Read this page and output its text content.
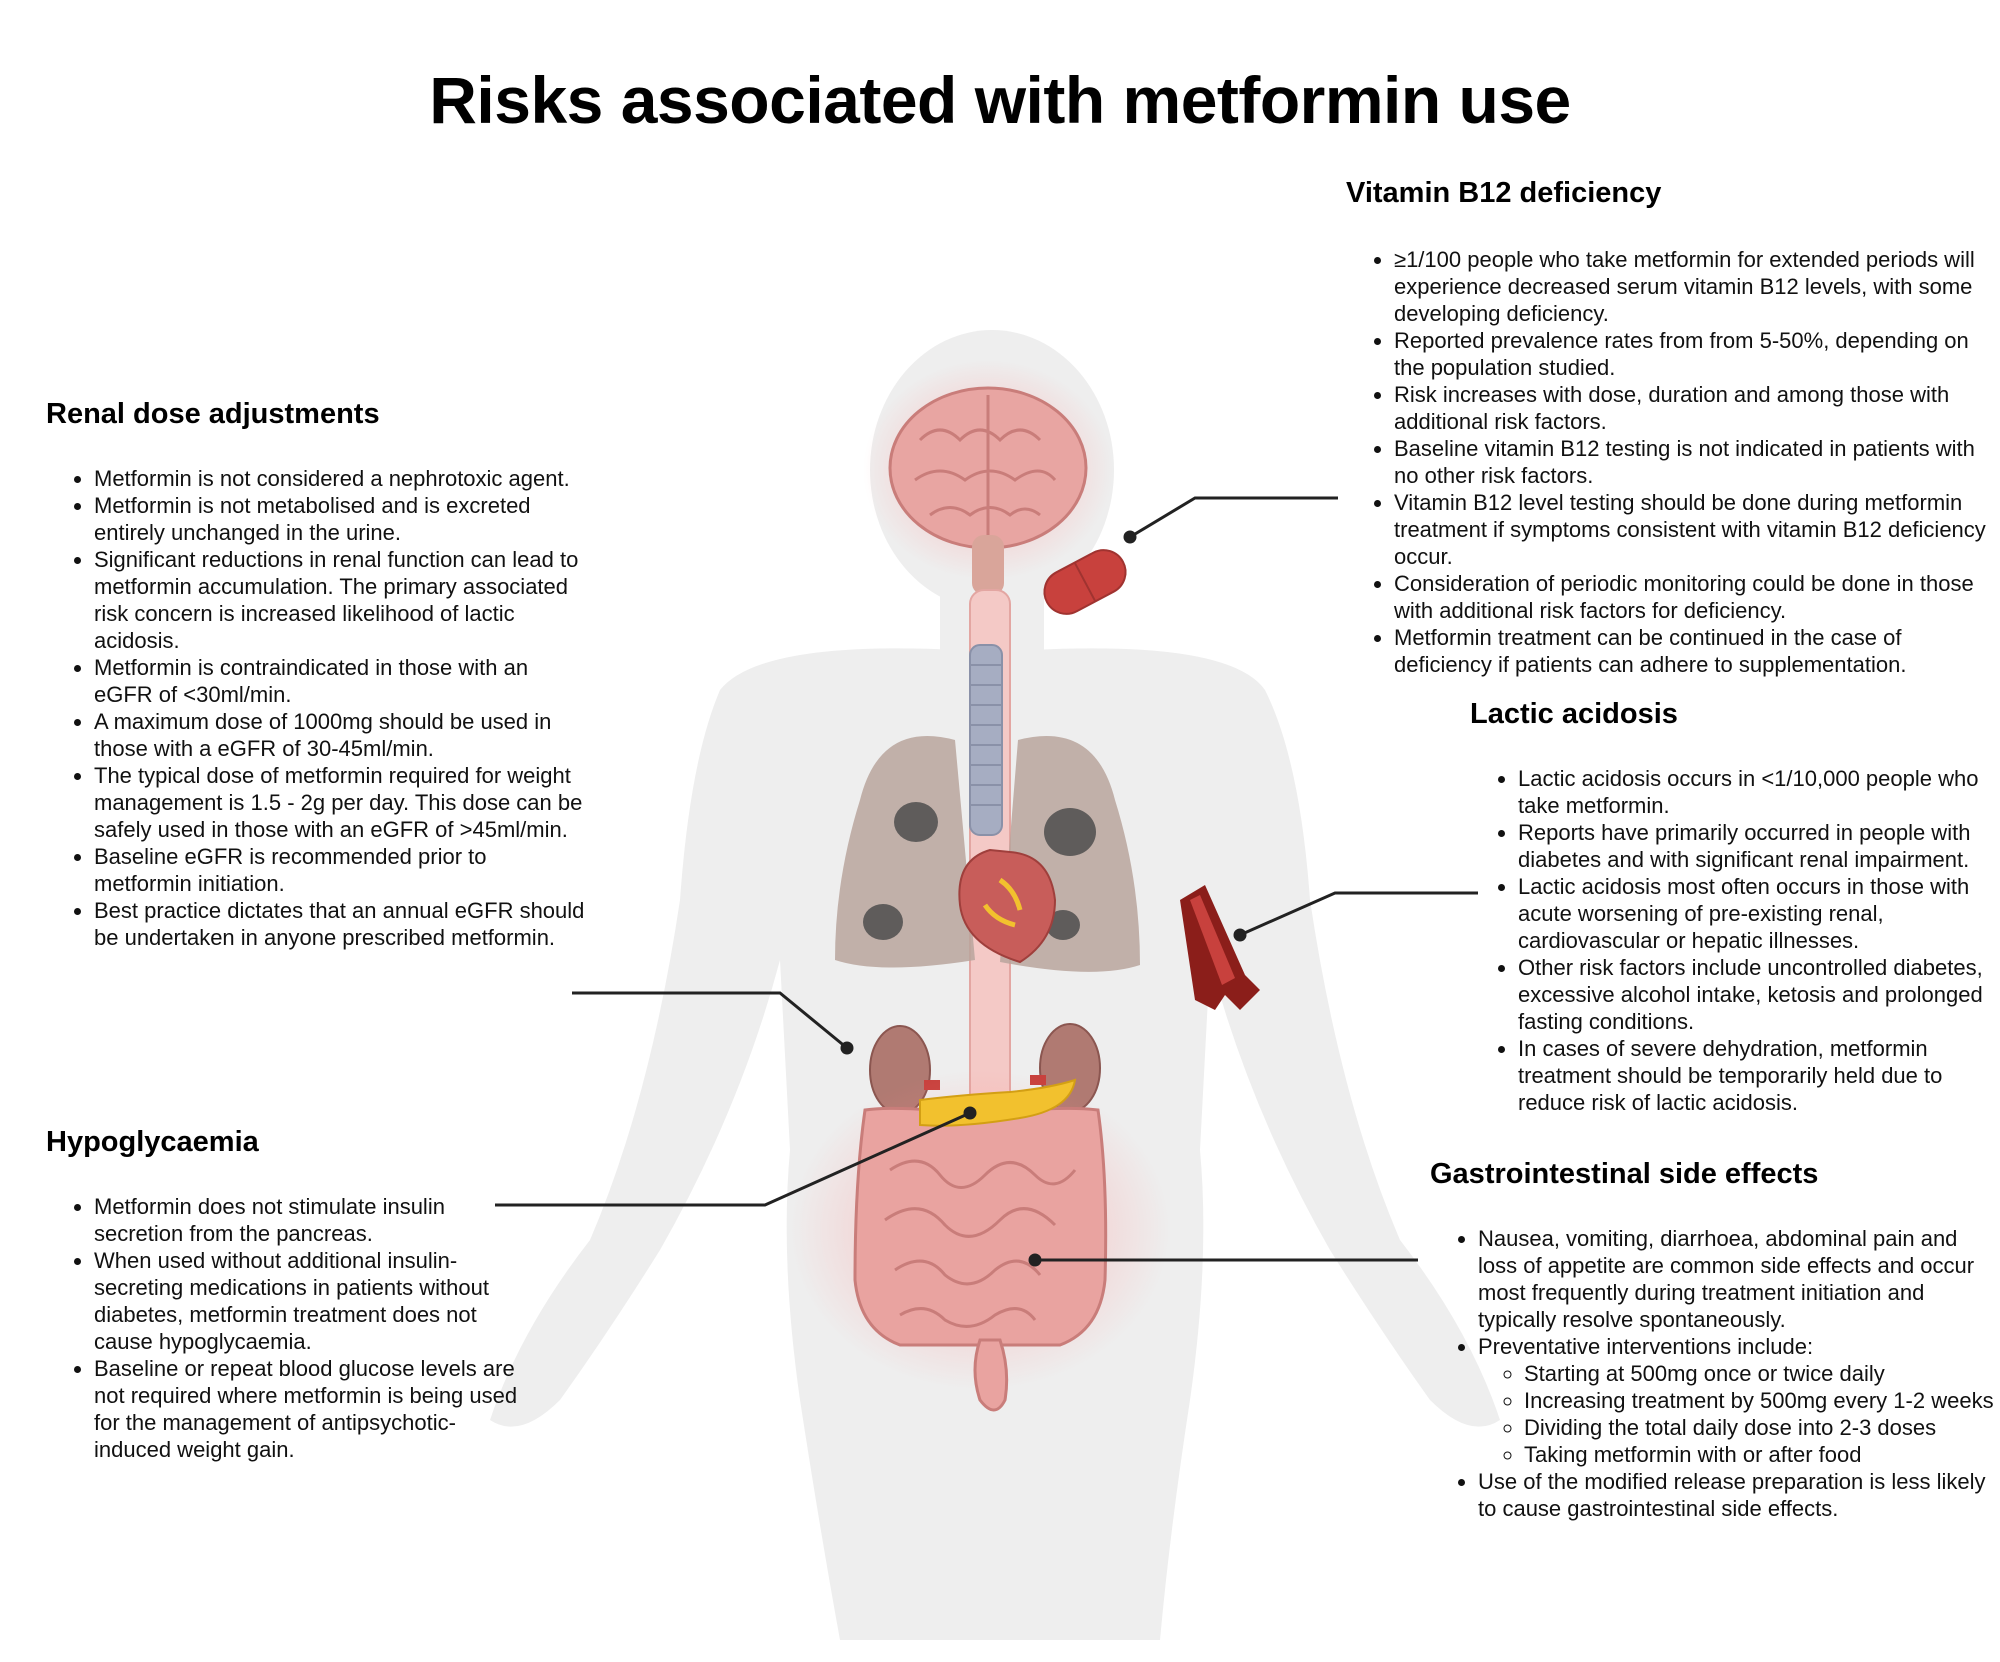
Risks associated with metformin use
Renal dose adjustments
• Metformin is not considered a nephrotoxic agent.
• Metformin is not metabolised and is excreted entirely unchanged in the urine.
• Significant reductions in renal function can lead to metformin accumulation. The primary associated risk concern is increased likelihood of lactic acidosis.
• Metformin is contraindicated in those with an eGFR of <30ml/min.
• A maximum dose of 1000mg should be used in those with a eGFR of 30-45ml/min.
• The typical dose of metformin required for weight management is 1.5 - 2g per day. This dose can be safely used in those with an eGFR of >45ml/min.
• Baseline eGFR is recommended prior to metformin initiation.
• Best practice dictates that an annual eGFR should be undertaken in anyone prescribed metformin.
Hypoglycaemia
• Metformin does not stimulate insulin secretion from the pancreas.
• When used without additional insulin-secreting medications in patients without diabetes, metformin treatment does not cause hypoglycaemia.
• Baseline or repeat blood glucose levels are not required where metformin is being used for the management of antipsychotic-induced weight gain.
Vitamin B12 deficiency
• ≥1/100 people who take metformin for extended periods will experience decreased serum vitamin B12 levels, with some developing deficiency.
• Reported prevalence rates from from 5-50%, depending on the population studied.
• Risk increases with dose, duration and among those with additional risk factors.
• Baseline vitamin B12 testing is not indicated in patients with no other risk factors.
• Vitamin B12 level testing should be done during metformin treatment if symptoms consistent with vitamin B12 deficiency occur.
• Consideration of periodic monitoring could be done in those with additional risk factors for deficiency.
• Metformin treatment can be continued in the case of deficiency if patients can adhere to supplementation.
Lactic acidosis
• Lactic acidosis occurs in <1/10,000 people who take metformin.
• Reports have primarily occurred in people with diabetes and with significant renal impairment.
• Lactic acidosis most often occurs in those with acute worsening of pre-existing renal, cardiovascular or hepatic illnesses.
• Other risk factors include uncontrolled diabetes, excessive alcohol intake, ketosis and prolonged fasting conditions.
• In cases of severe dehydration, metformin treatment should be temporarily held due to reduce risk of lactic acidosis.
Gastrointestinal side effects
• Nausea, vomiting, diarrhoea, abdominal pain and loss of appetite are common side effects and occur most frequently during treatment initiation and typically resolve spontaneously.
• Preventative interventions include:
◦ Starting at 500mg once or twice daily
◦ Increasing treatment by 500mg every 1-2 weeks
◦ Dividing the total daily dose into 2-3 doses
◦ Taking metformin with or after food
• Use of the modified release preparation is less likely to cause gastrointestinal side effects.
